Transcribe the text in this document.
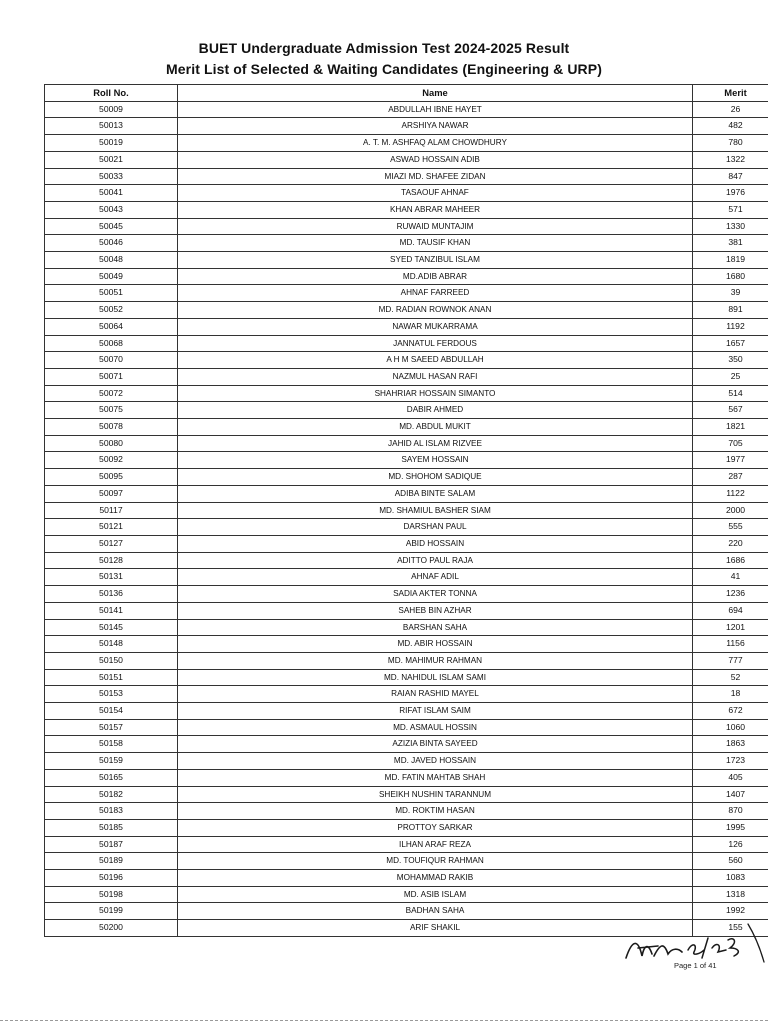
BUET Undergraduate Admission Test 2024-2025 Result
Merit List of Selected & Waiting Candidates (Engineering & URP)
Roll No.	Name	Merit
50009	ABDULLAH IBNE HAYET	26
50013	ARSHIYA NAWAR	482
50019	A. T. M. ASHFAQ ALAM CHOWDHURY	780
50021	ASWAD HOSSAIN ADIB	1322
50033	MIAZI MD. SHAFEE ZIDAN	847
50041	TASAOUF AHNAF	1976
50043	KHAN ABRAR MAHEER	571
50045	RUWAID MUNTAJIM	1330
50046	MD. TAUSIF KHAN	381
50048	SYED TANZIBUL ISLAM	1819
50049	MD.ADIB ABRAR	1680
50051	AHNAF FARREED	39
50052	MD. RADIAN ROWNOK ANAN	891
50064	NAWAR MUKARRAMA	1192
50068	JANNATUL FERDOUS	1657
50070	A H M SAEED ABDULLAH	350
50071	NAZMUL HASAN RAFI	25
50072	SHAHRIAR HOSSAIN SIMANTO	514
50075	DABIR AHMED	567
50078	MD. ABDUL MUKIT	1821
50080	JAHID AL ISLAM RIZVEE	705
50092	SAYEM HOSSAIN	1977
50095	MD. SHOHOM SADIQUE	287
50097	ADIBA BINTE SALAM	1122
50117	MD. SHAMIUL BASHER SIAM	2000
50121	DARSHAN PAUL	555
50127	ABID HOSSAIN	220
50128	ADITTO PAUL RAJA	1686
50131	AHNAF ADIL	41
50136	SADIA AKTER TONNA	1236
50141	SAHEB BIN AZHAR	694
50145	BARSHAN SAHA	1201
50148	MD. ABIR HOSSAIN	1156
50150	MD. MAHIMUR RAHMAN	777
50151	MD. NAHIDUL ISLAM SAMI	52
50153	RAIAN RASHID MAYEL	18
50154	RIFAT ISLAM SAIM	672
50157	MD. ASMAUL HOSSIN	1060
50158	AZIZIA BINTA SAYEED	1863
50159	MD. JAVED HOSSAIN	1723
50165	MD. FATIN MAHTAB SHAH	405
50182	SHEIKH NUSHIN TARANNUM	1407
50183	MD. ROKTIM HASAN	870
50185	PROTTOY SARKAR	1995
50187	ILHAN ARAF REZA	126
50189	MD. TOUFIQUR RAHMAN	560
50196	MOHAMMAD RAKIB	1083
50198	MD. ASIB ISLAM	1318
50199	BADHAN SAHA	1992
50200	ARIF SHAKIL	155
Page 1 of 41
